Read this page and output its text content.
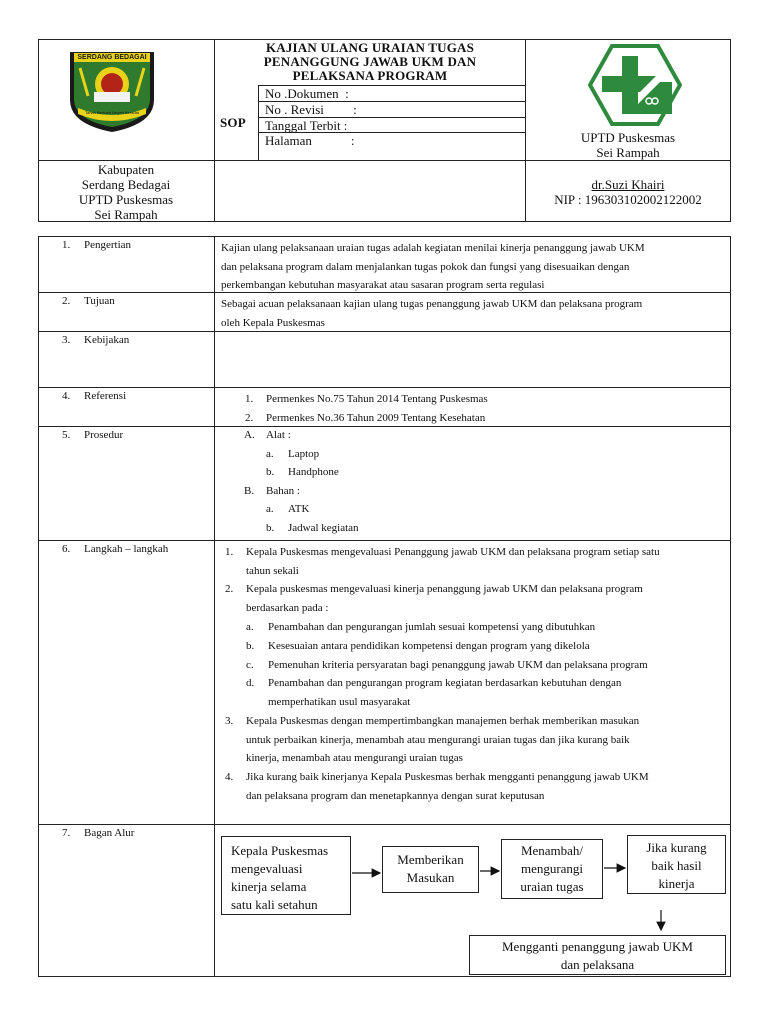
SERDANG BEDAGAI
Tanah Bertuah Negeri Beradat
KAJIAN ULANG URAIAN TUGAS
PENANGGUNG JAWAB UKM DAN
PELAKSANA PROGRAM
SOP
No .Dokumen  :
No . Revisi         :
Tanggal Terbit :
Halaman            :	UPTD Puskesmas
Sei Rampah
Kabupaten
Serdang Bedagai
UPTD Puskesmas
Sei Rampah
dr.Suzi Khairi
NIP : 196303102002122002
1. Pengertian
2. Tujuan
3. Kebijakan
4. Referensi
5. Prosedur
6. Langkah – langkah
7. Bagan Alur
Kajian ulang pelaksanaan uraian tugas adalah kegiatan menilai kinerja penanggung jawab UKM
dan pelaksana program dalam menjalankan tugas pokok dan fungsi yang disesuaikan dengan
perkembangan kebutuhan masyarakat atau sasaran program serta regulasi
Sebagai acuan pelaksanaan kajian ulang tugas penanggung jawab UKM dan pelaksana program
oleh Kepala Puskesmas
1. Permenkes No.75 Tahun 2014 Tentang Puskesmas
2. Permenkes No.36 Tahun 2009 Tentang Kesehatan
A. Alat :
a. Laptop
b. Handphone
B. Bahan :
a. ATK
b. Jadwal kegiatan
1. Kepala Puskesmas mengevaluasi Penanggung jawab UKM dan pelaksana program setiap satu
tahun sekali
2. Kepala puskesmas mengevaluasi kinerja penanggung jawab UKM dan pelaksana program
berdasarkan pada :
a. Penambahan dan pengurangan jumlah sesuai kompetensi yang dibutuhkan
b. Kesesuaian antara pendidikan kompetensi dengan program yang dikelola
c. Pemenuhan kriteria persyaratan bagi penanggung jawab UKM dan pelaksana program
d. Penambahan dan pengurangan program kegiatan berdasarkan kebutuhan dengan
memperhatikan usul masyarakat
3. Kepala Puskesmas dengan mempertimbangkan manajemen berhak memberikan masukan
untuk perbaikan kinerja, menambah atau mengurangi uraian tugas dan jika kurang baik
kinerja, menambah atau mengurangi uraian tugas
4. Jika kurang baik kinerjanya Kepala Puskesmas berhak mengganti penanggung jawab UKM
dan pelaksana program dan menetapkannya dengan surat keputusan
Kepala Puskesmas
mengevaluasi
kinerja selama
satu kali setahun
Memberikan
Masukan
Menambah/
mengurangi
uraian tugas
Jika kurang
baik hasil
kinerja
Mengganti penanggung jawab UKM
dan pelaksana
